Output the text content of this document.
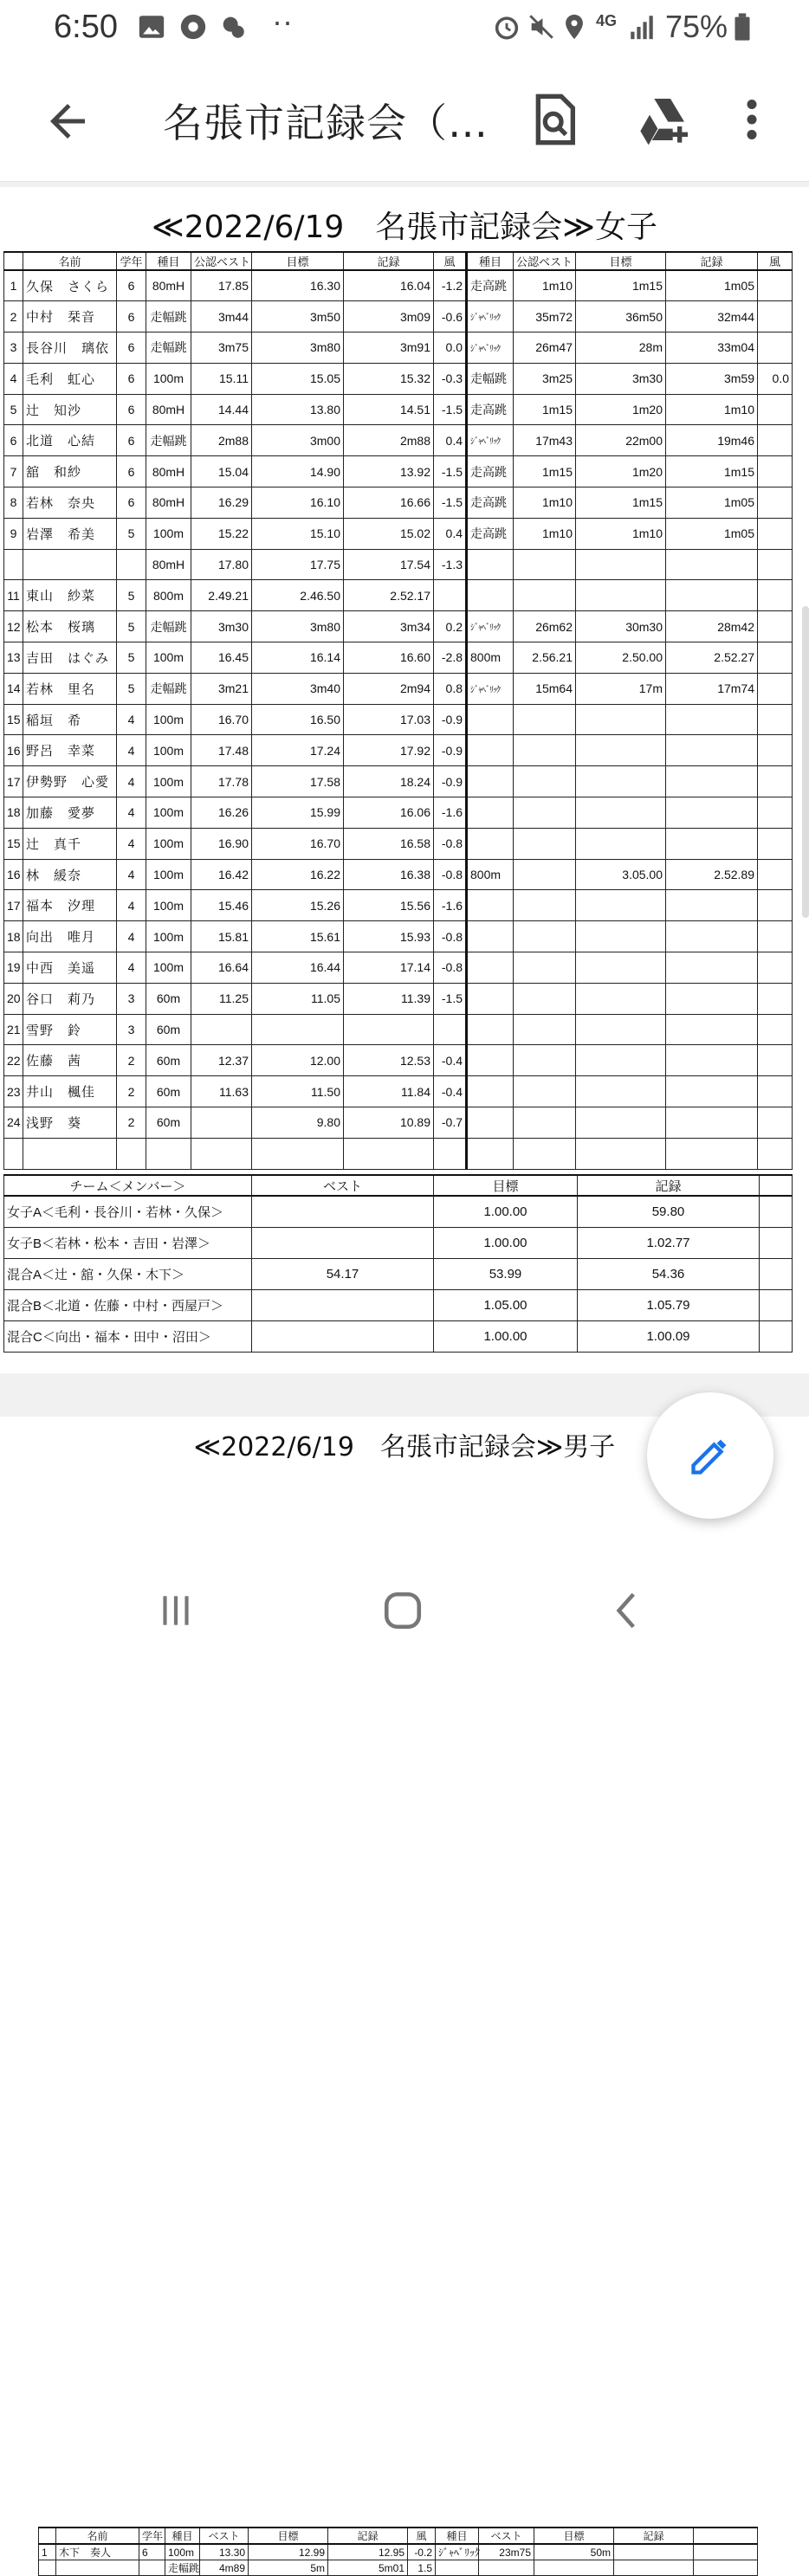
6:50	··	4G 75%
名張市記録会（…
≪2022/6/19　名張市記録会≫女子
	名前	学年	種目	公認ベスト	目標	記録	風	種目	公認ベスト	目標	記録	風
1	久保　さくら	6	80mH	17.85	16.30	16.04	-1.2	走高跳	1m10	1m15	1m05	
2	中村　栞音	6	走幅跳	3m44	3m50	3m09	-0.6	ｼﾞｬﾍﾞﾘｯｸ	35m72	36m50	32m44	
3	長谷川　璃依	6	走幅跳	3m75	3m80	3m91	0.0	ｼﾞｬﾍﾞﾘｯｸ	26m47	28m	33m04	
4	毛利　虹心	6	100m	15.11	15.05	15.32	-0.3	走幅跳	3m25	3m30	3m59	0.0
5	辻　知沙	6	80mH	14.44	13.80	14.51	-1.5	走高跳	1m15	1m20	1m10	
6	北道　心結	6	走幅跳	2m88	3m00	2m88	0.4	ｼﾞｬﾍﾞﾘｯｸ	17m43	22m00	19m46	
7	舘　和紗	6	80mH	15.04	14.90	13.92	-1.5	走高跳	1m15	1m20	1m15	
8	若林　奈央	6	80mH	16.29	16.10	16.66	-1.5	走高跳	1m10	1m15	1m05	
9	岩澤　希美	5	100m	15.22	15.10	15.02	0.4	走高跳	1m10	1m10	1m05	
			80mH	17.80	17.75	17.54	-1.3					
11	東山　紗菜	5	800m	2.49.21	2.46.50	2.52.17						
12	松本　桜璃	5	走幅跳	3m30	3m80	3m34	0.2	ｼﾞｬﾍﾞﾘｯｸ	26m62	30m30	28m42	
13	吉田　はぐみ	5	100m	16.45	16.14	16.60	-2.8	800m	2.56.21	2.50.00	2.52.27	
14	若林　里名	5	走幅跳	3m21	3m40	2m94	0.8	ｼﾞｬﾍﾞﾘｯｸ	15m64	17m	17m74	
15	稲垣　希	4	100m	16.70	16.50	17.03	-0.9					
16	野呂　幸菜	4	100m	17.48	17.24	17.92	-0.9					
17	伊勢野　心愛	4	100m	17.78	17.58	18.24	-0.9					
18	加藤　愛夢	4	100m	16.26	15.99	16.06	-1.6					
15	辻　真千	4	100m	16.90	16.70	16.58	-0.8					
16	林　緩奈	4	100m	16.42	16.22	16.38	-0.8	800m		3.05.00	2.52.89	
17	福本　汐理	4	100m	15.46	15.26	15.56	-1.6					
18	向出　唯月	4	100m	15.81	15.61	15.93	-0.8					
19	中西　美遥	4	100m	16.64	16.44	17.14	-0.8					
20	谷口　莉乃	3	60m	11.25	11.05	11.39	-1.5					
21	雪野　鈴	3	60m									
22	佐藤　茜	2	60m	12.37	12.00	12.53	-0.4					
23	井山　楓佳	2	60m	11.63	11.50	11.84	-0.4					
24	浅野　葵	2	60m		9.80	10.89	-0.7					

チーム＜メンバー＞	ベスト	目標	記録	
女子A＜毛利・長谷川・若林・久保＞		1.00.00	59.80	
女子B＜若林・松本・吉田・岩澤＞		1.00.00	1.02.77	
混合A＜辻・舘・久保・木下＞	54.17	53.99	54.36	
混合B＜北道・佐藤・中村・西屋戸＞		1.05.00	1.05.79	
混合C＜向出・福本・田中・沼田＞		1.00.00	1.00.09	
≪2022/6/19　名張市記録会≫男子
	名前	学年	種目	ベスト	目標	記録	風	種目	ベスト	目標	記録	
1	木下　奏人	6	100m	13.30	12.99	12.95	-0.2	ｼﾞｬﾍﾞﾘｯｸ	23m75	50m		
			走幅跳	4m89	5m	5m01	1.5					
